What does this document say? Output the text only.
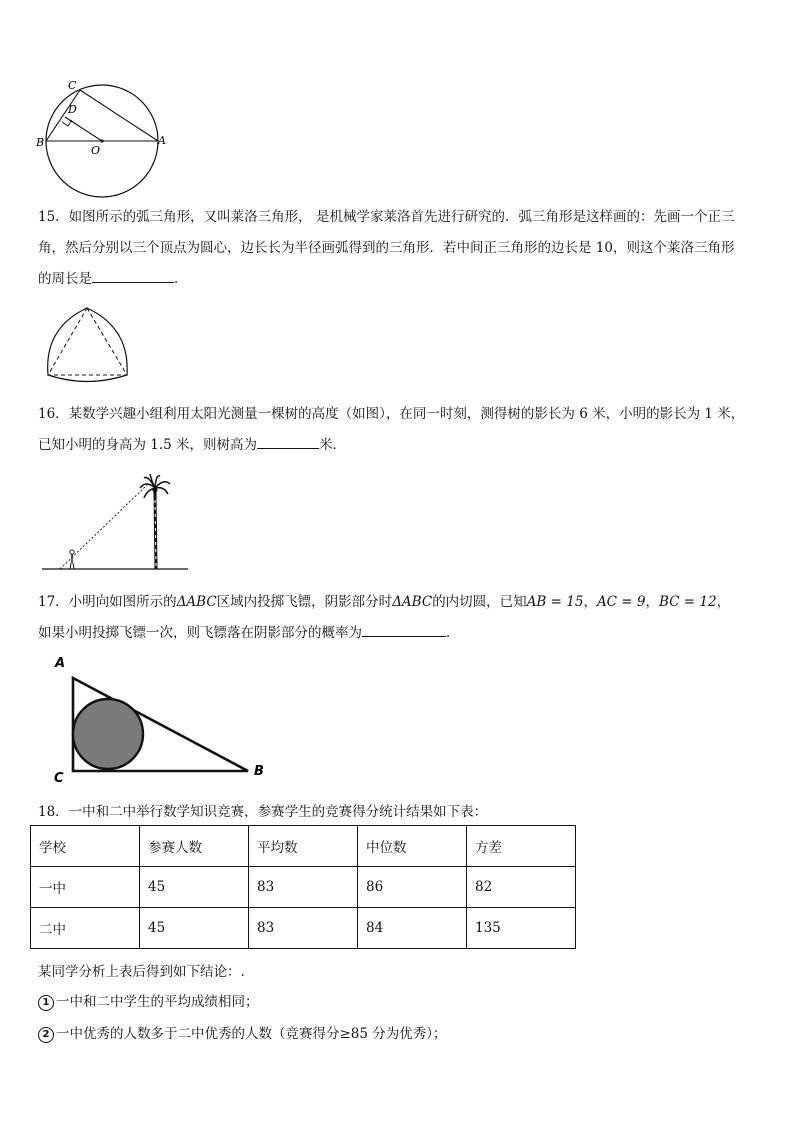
C
D
B
O
A
15．如图所示的弧三角形，又叫莱洛三角形， 是机械学家莱洛首先进行研究的．弧三角形是这样画的：先画一个正三
角，然后分别以三个顶点为圆心，边长长为半径画弧得到的三角形．若中间正三角形的边长是 10，则这个莱洛三角形
的周长是	．
16．某数学兴趣小组利用太阳光测量一棵树的高度（如图），在同一时刻，测得树的影长为 6 米，小明的影长为 1 米，
已知小明的身高为 1.5 米，则树高为	米．
17．小明向如图所示的ΔABC区域内投掷飞镖，阴影部分时ΔABC的内切圆，已知AB = 15，AC = 9，BC = 12，
如果小明投掷飞镖一次，则飞镖落在阴影部分的概率为	．
A
B
C
18．一中和二中举行数学知识竞赛，参赛学生的竞赛得分统计结果如下表：
学校	参赛人数	平均数	中位数	方差
一中	45	83	86	82
二中	45	83	84	135
某同学分析上表后得到如下结论：.
1 一中和二中学生的平均成绩相同；
2 一中优秀的人数多于二中优秀的人数（竞赛得分≥85 分为优秀）；
